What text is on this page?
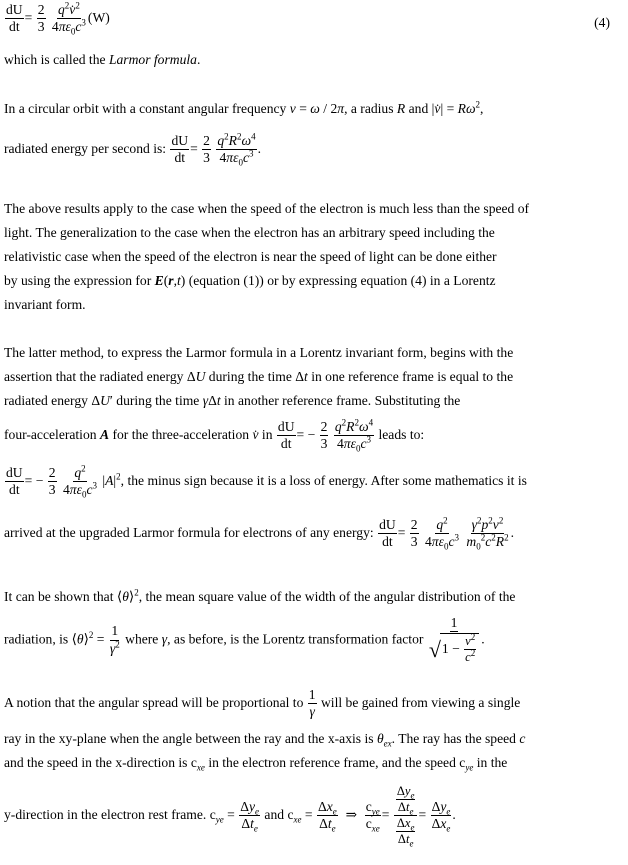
$\frac{dU}{dt} = \frac{2}{3}$
$\frac{q^2v̇^2}{4\pi\varepsilon_0c^3} (W)$	(4)
which is called the Larmor formula.
In a circular orbit with a constant angular frequency ν = ω / 2π, a radius R and |v̇| = $R\omega^2$,
radiated energy per second is: $\frac{dU}{dt} = \frac{2}{3}$
$\frac{q^2R^2\omega^4}{4\pi\varepsilon_0c^3}$ .
The above results apply to the case when the speed of the electron is much less than the speed of
light. The generalization to the case when the electron has an arbitrary speed including the
relativistic case when the speed of the electron is near the speed of light can be done either
by using the expression for E(r,t) (equation (1)) or by expressing equation (4) in a Lorentz
invariant form.
The latter method, to express the Larmor formula in a Lorentz invariant form, begins with the
assertion that the radiated energy ΔU during the time Δt in one reference frame is equal to the
radiated energy ΔU′ during the time γΔt in another reference frame. Substituting the
four-acceleration A for the three-acceleration v̇ in $\frac{dU}{dt}$ = − $\frac{2}{3}$
$\frac{q^2R^2\omega^4}{4\pi\varepsilon_0c^3}$ leads to:
$\frac{dU}{dt}$ = − $\frac{2}{3}$
$\frac{q^2}{4\pi\varepsilon_0c^3} |A|^2$, the minus sign because it is a loss of energy. After some mathematics it is
arrived at the upgraded Larmor formula for electrons of any energy: $\frac{dU}{dt} = \frac{2}{3}$
$\frac{q^2}{4\pi\varepsilon_0c^3}$
$\frac{\gamma^2p^2\nu^2}{m_0^2c^2R^2}$ .
It can be shown that ⟨θ⟩$^2$, the mean square value of the width of the angular distribution of the
radiation, is ⟨θ⟩$^2$ = $\frac{1}{\gamma^2}$ where γ, as before, is the Lorentz transformation factor $\frac{1}{√1 - \frac{\nu^2}{c^2}}$ .
A notion that the angular spread will be proportional to $\frac{1}{\gamma}$ will be gained from viewing a single
ray in the xy-plane when the angle between the ray and the x-axis is $\theta_{ex}$. The ray has the speed c
and the speed in the x-direction is $c_{xe}$ in the electron reference frame, and the speed $c_{ye}$ in the
y-direction in the electron rest frame. $c_{ye} = \frac{\Delta y_e}{\Delta t_e}$ and $c_{xe} = \frac{\Delta x_e}{\Delta t_e}$ ⇒ $\frac{c_{ye}}{c_{xe}} = \frac{\frac{\Delta y_e}{\Delta t_e}}{\frac{\Delta x_e}{\Delta t_e}} = \frac{\Delta y_e}{\Delta x_e}$ .
